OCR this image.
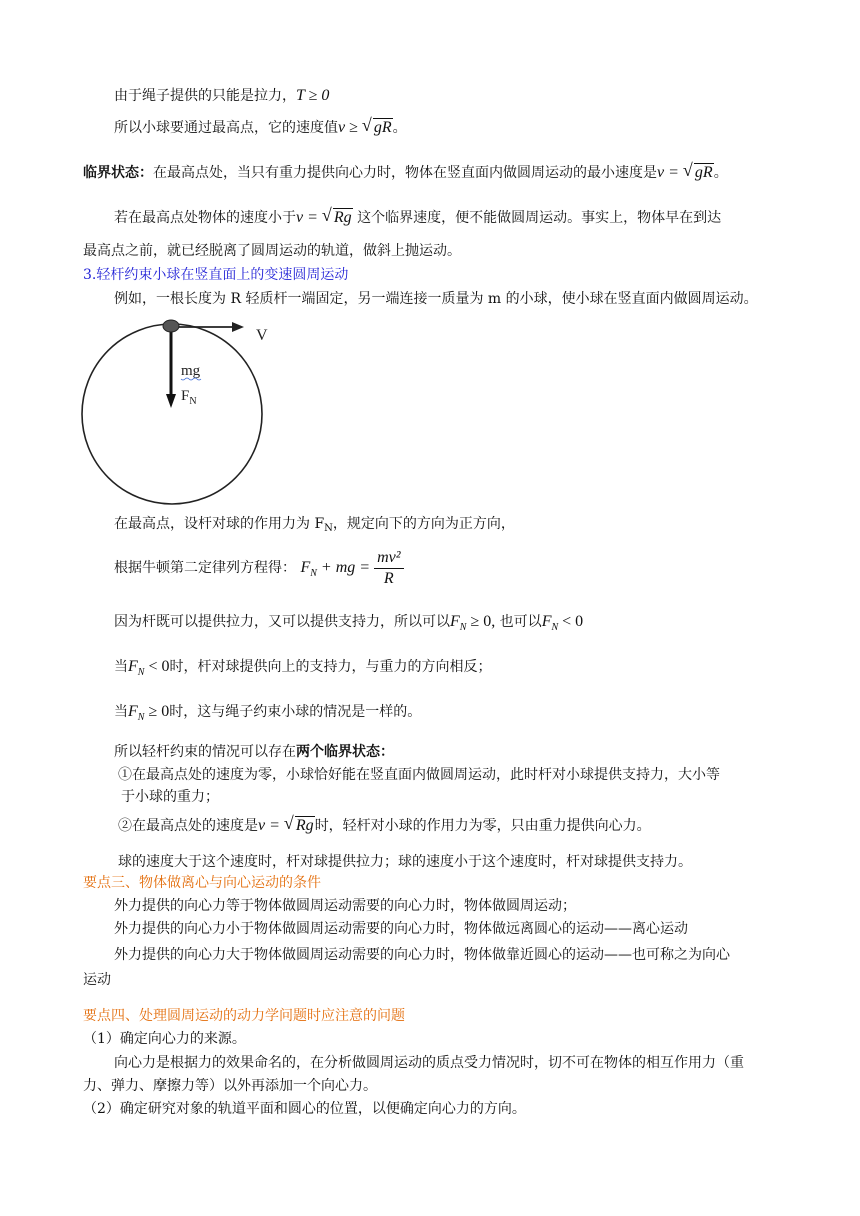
由于绳子提供的只能是拉力，T ≥ 0
所以小球要通过最高点，它的速度值v ≥ √ gR。
临界状态：在最高点处，当只有重力提供向心力时，物体在竖直面内做圆周运动的最小速度是v = √ gR。
若在最高点处物体的速度小于v = √ Rg 这个临界速度，便不能做圆周运动。事实上，物体早在到达
最高点之前，就已经脱离了圆周运动的轨道，做斜上抛运动。
3.轻杆约束小球在竖直面上的变速圆周运动
例如，一根长度为 R 轻质杆一端固定，另一端连接一质量为 m 的小球，使小球在竖直面内做圆周运动。
V
mg
$F_N$
在最高点，设杆对球的作用力为 $F_N$，规定向下的方向为正方向，
根据牛顿第二定律列方程得： $F_N$ + mg = $\frac{\text{mv²}}{R}$
因为杆既可以提供拉力，又可以提供支持力，所以可以$F_N \ge 0$, 也可以$F_N < 0$
当$F_N < 0$时，杆对球提供向上的支持力，与重力的方向相反；
当$F_N \ge 0$时，这与绳子约束小球的情况是一样的。
所以轻杆约束的情况可以存在两个临界状态：
①在最高点处的速度为零，小球恰好能在竖直面内做圆周运动，此时杆对小球提供支持力，大小等
于小球的重力；
②在最高点处的速度是v = √ Rg时，轻杆对小球的作用力为零，只由重力提供向心力。
球的速度大于这个速度时，杆对球提供拉力；球的速度小于这个速度时，杆对球提供支持力。
要点三、物体做离心与向心运动的条件
外力提供的向心力等于物体做圆周运动需要的向心力时，物体做圆周运动；
外力提供的向心力小于物体做圆周运动需要的向心力时，物体做远离圆心的运动——离心运动
外力提供的向心力大于物体做圆周运动需要的向心力时，物体做靠近圆心的运动——也可称之为向心
运动
要点四、处理圆周运动的动力学问题时应注意的问题
（1）确定向心力的来源。
向心力是根据力的效果命名的，在分析做圆周运动的质点受力情况时，切不可在物体的相互作用力（重
力、弹力、摩擦力等）以外再添加一个向心力。
（2）确定研究对象的轨道平面和圆心的位置，以便确定向心力的方向。
